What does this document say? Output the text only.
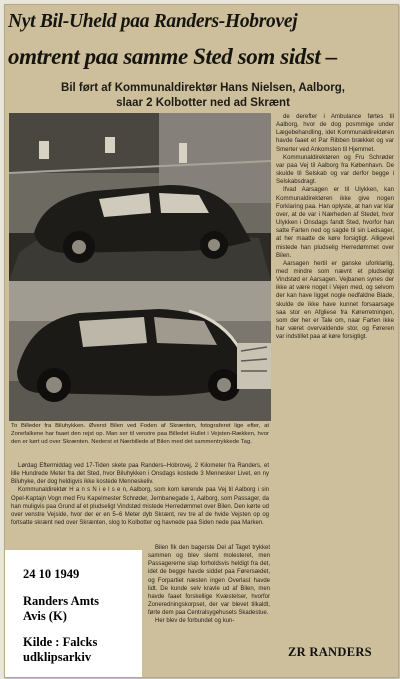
Nyt Bil-Uheld paa Randers-Hobrovej
omtrent paa samme Sted som sidst –
Bil ført af Kommunaldirektør Hans Nielsen, Aalborg,
slaar 2 Kolbotter ned ad Skrænt
To Billeder fra Biluhykken. Øverst Bilen ved Foden af Skrænten, fotograferet lige efter, at Zonefalkene har faaet den rejst op. Man ser til venstre paa Billedet Hullet i Vejsten-Rækken, hvor den er kørt ud over Skrænten. Nederst et Nærbillede af Bilen med det sammentrykkede Tag.

Lørdag Eftermiddag ved 17-Tiden skete paa Randers–Hobrovej, 2 Kilometer fra Randers, et lille Hundrede Meter fra det Sted, hvor Biluhykken i Onsdags kostede 3 Mennesker Livet, en ny Biluhyke, der dog heldigvis ikke kostede Menneskeliv.

Kommunaldirektør H a n s N i e l s e n, Aalborg, som kom kørende paa Vej til Aalborg i sin Opel-Kaptajn Vogn med Fru Kapelmester Schrøder, Jernbanegade 1, Aalborg, som Passager, da han muligvis paa Grund af et pludseligt Vindstød mistede Herredømmet over Bilen. Den kørte ud over venstre Vejside, hvor der er en 5–6 Meter dyb Skrænt, rev tre af de hvide Vejsten op og fortsatte skrænt ned over Skrænten, slog to Kolbotter og havnede paa Siden nede paa Marken.

de derefter i Ambulance førtes til Aalborg, hvor de dog posmmige under Lægebehandling, idet Kommunaldirektøren havde faaet et Par Ribben brækket og var Smerter ved Ankomsten til Hjemmet.

Kommunaldirektøren og Fru Schrøder var paa Vej til Aalborg fra København. De skulde til Selskab og var derfor begge i Selskabsdragt.

Ifvad Aarsagen er til Ulykken, kan Kommunaldirektøren ikke give nogen Forklaring paa. Han oplyste, at han var klar over, at de var i Nærheden af Stedet, hvor Ulykken i Onsdags fandt Sted, hvorfor han satte Farten ned og sagde til sin Ledsager, at her maatte de køre forsigtigt. Alligevel mistede han pludselig Herredømmet over Bilen.

Aarsagen hertil er ganske uforklarlig, med mindre som nævnt et pludseligt Vindstød er Aarsagen. Vejbanen synes der ikke at være noget i Vejen med, og selvom der kan have ligget nogle nedfaldne Blade, skulde de ikke have kunnet forsaarsage saa stor en Afgliese fra Kørerretningen, som der her er Tale om, naar Farten ikke har været overvaldende stor, og Føreren var indstillet paa at køre forsigtigt.

Bilen fik den bagerste Del af Taget trykket sammen og blev slemt molesteret, men Passagererne slap forholdsvis heldigt fra det, idet de begge havde siddet paa Førersædet, og Forpartiet næsten ingen Overlast havde lidt. De kunde selv kravle ud af Bilen, men havde faaet forskellige Kvæstelser, hvorfor Zoneredningskorpset, der var blevet tilkaldt, førte dem paa Centralsygehusets Skadestue.

Her blev de forbundet og kun-

24 10 1949
Randers Amts
Avis (K)
Kilde : Falcks
udklipsarkiv	ZR RANDERS
